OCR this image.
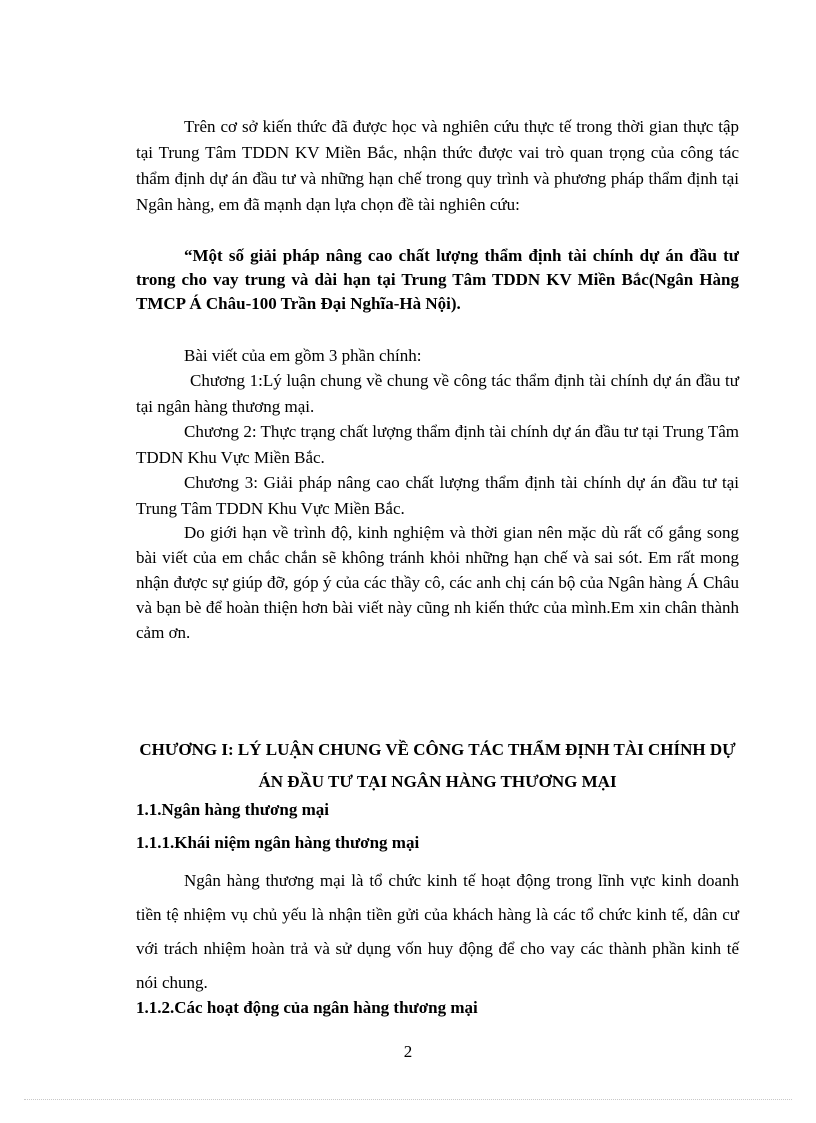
Trên cơ sở kiến thức đã được học và nghiên cứu thực tế trong thời gian thực tập tại Trung Tâm TDDN KV Miền Bắc, nhận thức được vai trò quan trọng của công tác thẩm định dự án đầu tư và những hạn chế trong quy trình và phương pháp thẩm định tại Ngân hàng, em đã mạnh dạn lựa chọn đề tài nghiên cứu:

“Một số giải pháp nâng cao chất lượng thẩm định tài chính dự án đầu tư trong cho vay trung và dài hạn tại Trung Tâm TDDN KV Miền Bắc(Ngân Hàng TMCP Á Châu-100 Trần Đại Nghĩa-Hà Nội).

Bài viết của em gồm 3 phần chính:

Chương 1:Lý luận chung về chung về công tác thẩm định tài chính dự án đầu tư tại ngân hàng thương mại.

Chương 2: Thực trạng chất lượng thẩm định tài chính dự án đầu tư tại Trung Tâm TDDN Khu Vực Miền Bắc.

Chương 3: Giải pháp nâng cao chất lượng thẩm định tài chính dự án đầu tư tại Trung Tâm TDDN Khu Vực Miền Bắc.

Do giới hạn về trình độ, kinh nghiệm và thời gian nên mặc dù rất cố gắng song bài viết của em chắc chắn sẽ không tránh khỏi những hạn chế và sai sót. Em rất mong nhận được sự giúp đỡ, góp ý của các thầy cô, các anh chị cán bộ của Ngân hàng Á Châu và bạn bè để hoàn thiện hơn bài viết này cũng nh kiến thức của mình.Em xin chân thành cảm ơn.

CHƯƠNG I: LÝ LUẬN CHUNG VỀ CÔNG TÁC THẨM ĐỊNH TÀI CHÍNH DỰ ÁN ĐẦU TƯ TẠI NGÂN HÀNG THƯƠNG MẠI
1.1.Ngân hàng thương mại
1.1.1.Khái niệm ngân hàng thương mại

Ngân hàng thương mại là tổ chức kinh tế hoạt động trong lĩnh vực kinh doanh tiền tệ nhiệm vụ chủ yếu là nhận tiền gửi của khách hàng là các tổ chức kinh tế, dân cư với trách nhiệm hoàn trả và sử dụng vốn huy động để cho vay các thành phần kinh tế nói chung.

1.1.2.Các hoạt động của ngân hàng thương mại
2
